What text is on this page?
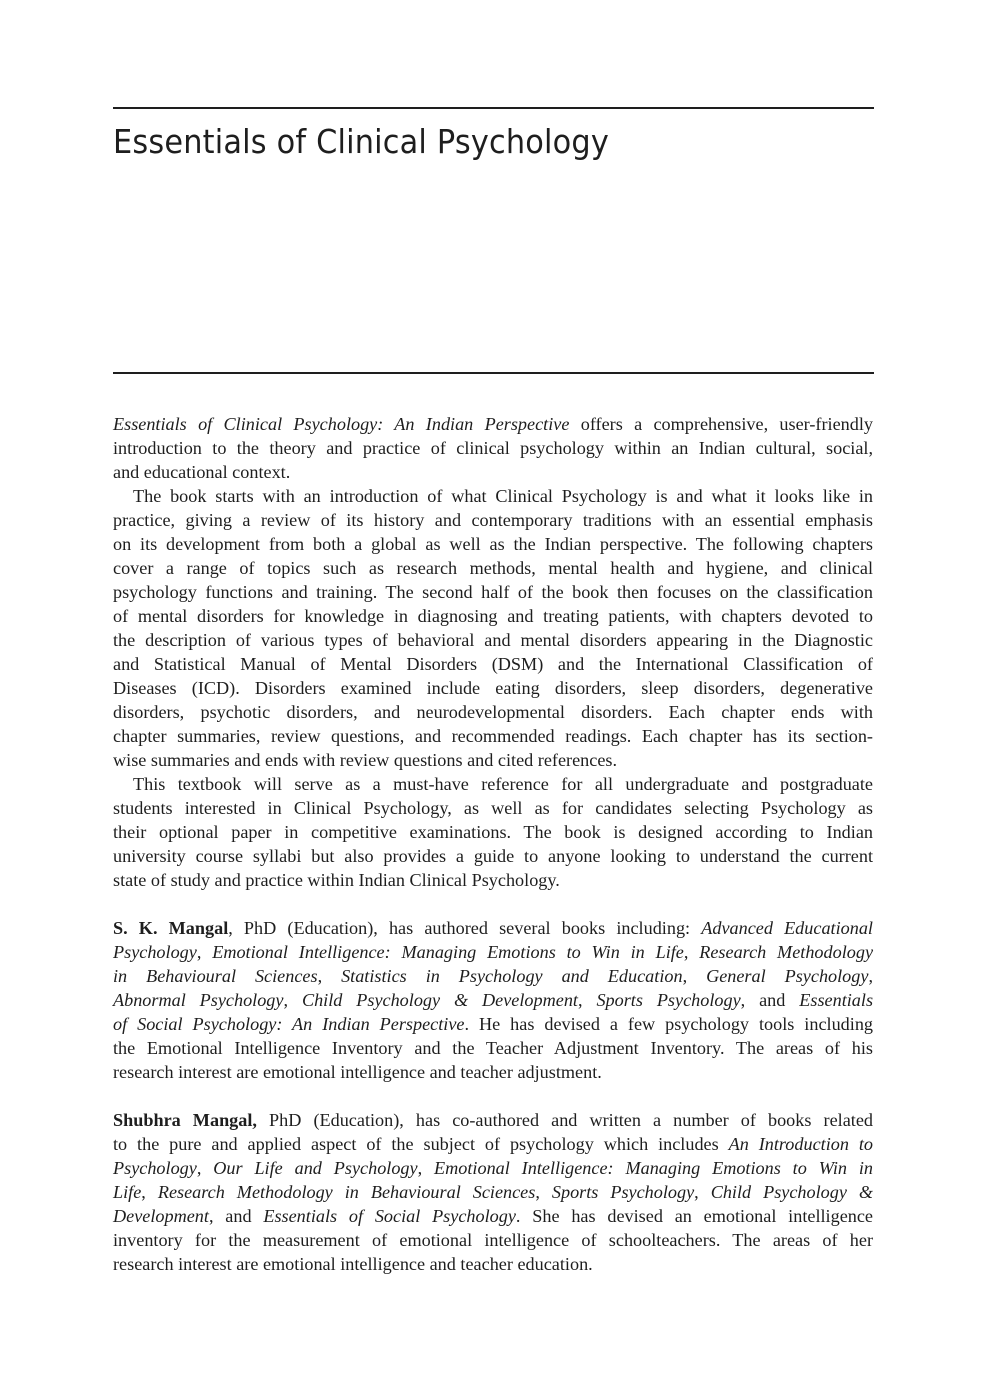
Essentials of Clinical Psychology
Essentials of Clinical Psychology: An Indian Perspective offers a comprehensive, user-friendly
introduction to the theory and practice of clinical psychology within an Indian cultural, social,
and educational context.
The book starts with an introduction of what Clinical Psychology is and what it looks like in
practice, giving a review of its history and contemporary traditions with an essential emphasis
on its development from both a global as well as the Indian perspective. The following chapters
cover a range of topics such as research methods, mental health and hygiene, and clinical
psychology functions and training. The second half of the book then focuses on the classification
of mental disorders for knowledge in diagnosing and treating patients, with chapters devoted to
the description of various types of behavioral and mental disorders appearing in the Diagnostic
and Statistical Manual of Mental Disorders (DSM) and the International Classification of
Diseases (ICD). Disorders examined include eating disorders, sleep disorders, degenerative
disorders, psychotic disorders, and neurodevelopmental disorders. Each chapter ends with
chapter summaries, review questions, and recommended readings. Each chapter has its section-
wise summaries and ends with review questions and cited references.
This textbook will serve as a must-have reference for all undergraduate and postgraduate
students interested in Clinical Psychology, as well as for candidates selecting Psychology as
their optional paper in competitive examinations. The book is designed according to Indian
university course syllabi but also provides a guide to anyone looking to understand the current
state of study and practice within Indian Clinical Psychology.
S. K. Mangal, PhD (Education), has authored several books including: Advanced Educational
Psychology, Emotional Intelligence: Managing Emotions to Win in Life, Research Methodology
in Behavioural Sciences, Statistics in Psychology and Education, General Psychology,
Abnormal Psychology, Child Psychology & Development, Sports Psychology, and Essentials
of Social Psychology: An Indian Perspective. He has devised a few psychology tools including
the Emotional Intelligence Inventory and the Teacher Adjustment Inventory. The areas of his
research interest are emotional intelligence and teacher adjustment.
Shubhra Mangal, PhD (Education), has co-authored and written a number of books related
to the pure and applied aspect of the subject of psychology which includes An Introduction to
Psychology, Our Life and Psychology, Emotional Intelligence: Managing Emotions to Win in
Life, Research Methodology in Behavioural Sciences, Sports Psychology, Child Psychology &
Development, and Essentials of Social Psychology. She has devised an emotional intelligence
inventory for the measurement of emotional intelligence of schoolteachers. The areas of her
research interest are emotional intelligence and teacher education.
